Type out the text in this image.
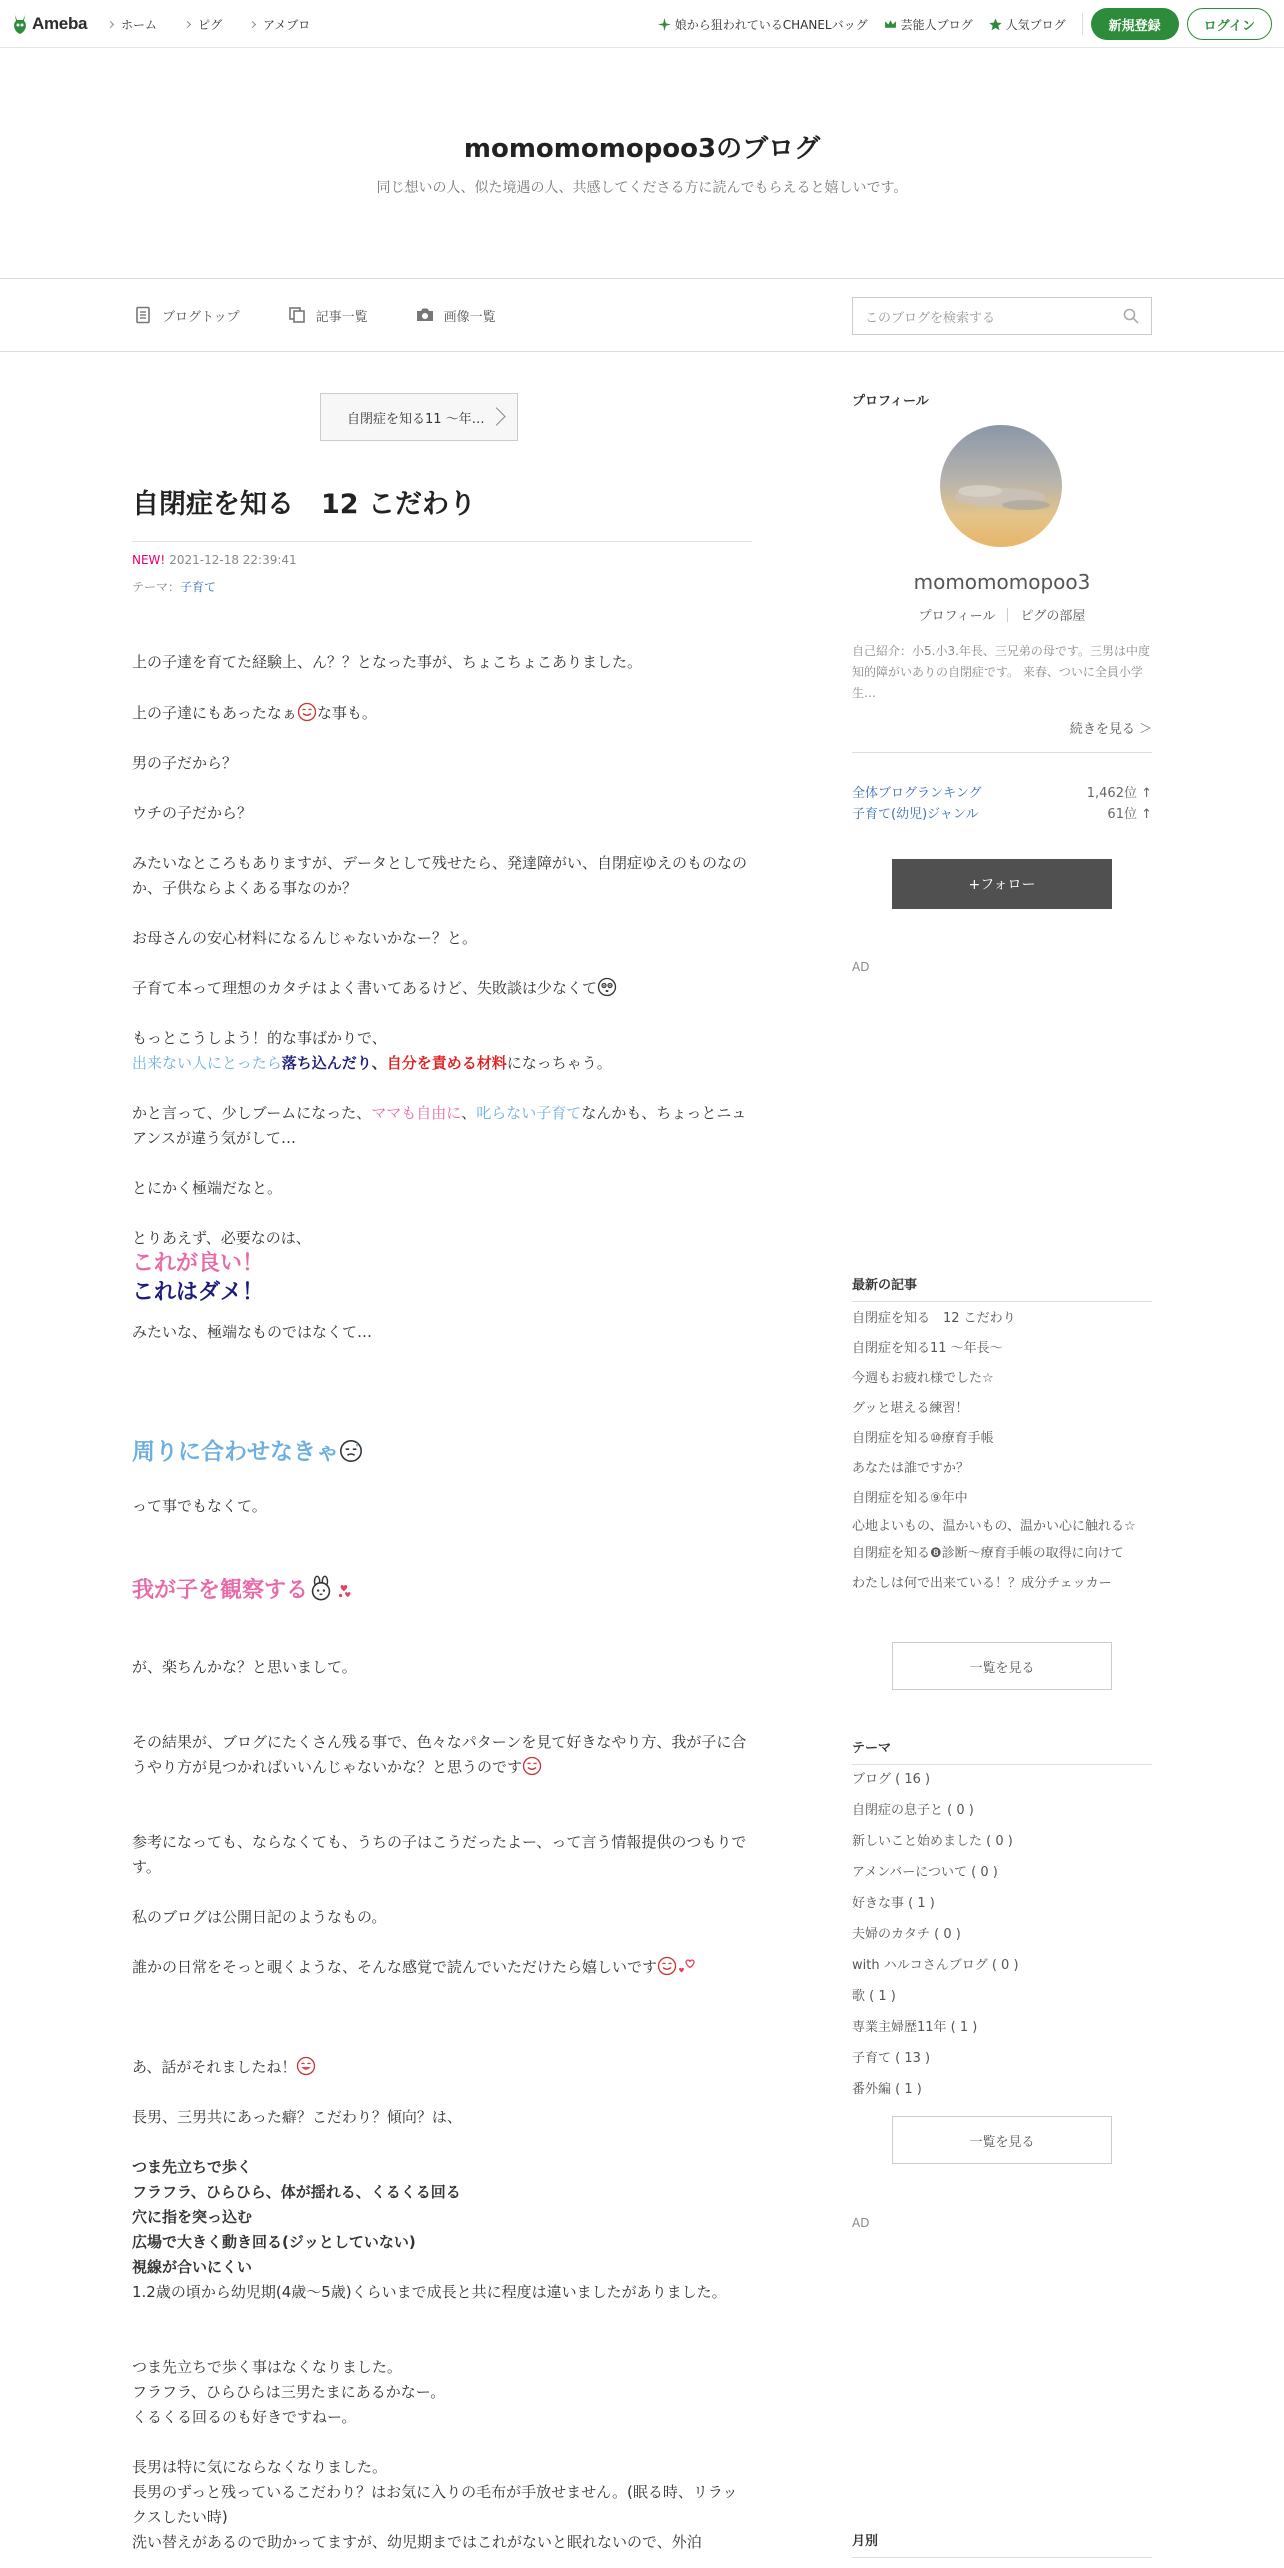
Ameba	ホーム	ピグ	アメブロ	娘から狙われているCHANELバッグ	芸能人ブログ	人気ブログ	新規登録	ログイン
momomomopoo3のブログ

同じ想いの人、似た境遇の人、共感してくださる方に読んでもらえると嬉しいです。

ブログトップ	記事一覧	画像一覧	このブログを検索する
自閉症を知る11 〜年…
自閉症を知る　12 こだわり
NEW! 2021-12-18 22:39:41
テーマ：子育て

上の子達を育てた経験上、ん？？となった事が、ちょこちょこありました。

上の子達にもあったなぁ な事も。

男の子だから？

ウチの子だから？

みたいなところもありますが、データとして残せたら、発達障がい、自閉症ゆえのものなのか、子供ならよくある事なのか？

お母さんの安心材料になるんじゃないかなー？と。

子育て本って理想のカタチはよく書いてあるけど、失敗談は少なくて

もっとこうしよう！的な事ばかりで、
出来ない人にとったら落ち込んだり、自分を責める材料になっちゃう。

かと言って、少しブームになった、ママも自由に、叱らない子育てなんかも、ちょっとニュアンスが違う気がして…

とにかく極端だなと。

とりあえず、必要なのは、

これが良い！

これはダメ！

みたいな、極端なものではなくて…

周りに合わせなきゃ

って事でもなくて。

我が子を観察する

が、楽ちんかな？と思いまして。

その結果が、ブログにたくさん残る事で、色々なパターンを見て好きなやり方、我が子に合うやり方が見つかればいいんじゃないかな？と思うのです

参考になっても、ならなくても、うちの子はこうだったよー、って言う情報提供のつもりです。

私のブログは公開日記のようなもの。

誰かの日常をそっと覗くような、そんな感覚で読んでいただけたら嬉しいです

あ、話がそれましたね！

長男、三男共にあった癖？こだわり？傾向？は、

つま先立ちで歩く

フラフラ、ひらひら、体が揺れる、くるくる回る

穴に指を突っ込む

広場で大きく動き回る(ジッとしていない)

視線が合いにくい

1.2歳の頃から幼児期(4歳〜5歳)くらいまで成長と共に程度は違いましたがありました。

つま先立ちで歩く事はなくなりました。

フラフラ、ひらひらは三男たまにあるかなー。

くるくる回るのも好きですねー。

長男は特に気にならなくなりました。

長男のずっと残っているこだわり？はお気に入りの毛布が手放せません。(眠る時、リラックスしたい時)

洗い替えがあるので助かってますが、幼児期まではこれがないと眠れないので、外泊

プロフィール
momomomopoo3
プロフィール	ピグの部屋

自己紹介：小5.小3.年長、三兄弟の母です。三男は中度知的障がいありの自閉症です。 来春、ついに全員小学生…

続きを見る ＞
全体ブログランキング	1,462位 ↑
子育て(幼児)ジャンル	61位 ↑
+フォロー
AD
最新の記事
自閉症を知る　12 こだわり
自閉症を知る11 〜年長〜
今週もお疲れ様でした☆
グッと堪える練習！
自閉症を知る⑩療育手帳
あなたは誰ですか？
自閉症を知る⑨年中
心地よいもの、温かいもの、温かい心に触れる☆
自閉症を知る❽診断〜療育手帳の取得に向けて
わたしは何で出来ている！？成分チェッカー
一覧を見る
テーマ
ブログ ( 16 )
自閉症の息子と ( 0 )
新しいこと始めました ( 0 )
アメンバーについて ( 0 )
好きな事 ( 1 )
夫婦のカタチ ( 0 )
with ハルコさんブログ ( 0 )
歌 ( 1 )
専業主婦歴11年 ( 1 )
子育て ( 13 )
番外編 ( 1 )
一覧を見る
AD
月別
